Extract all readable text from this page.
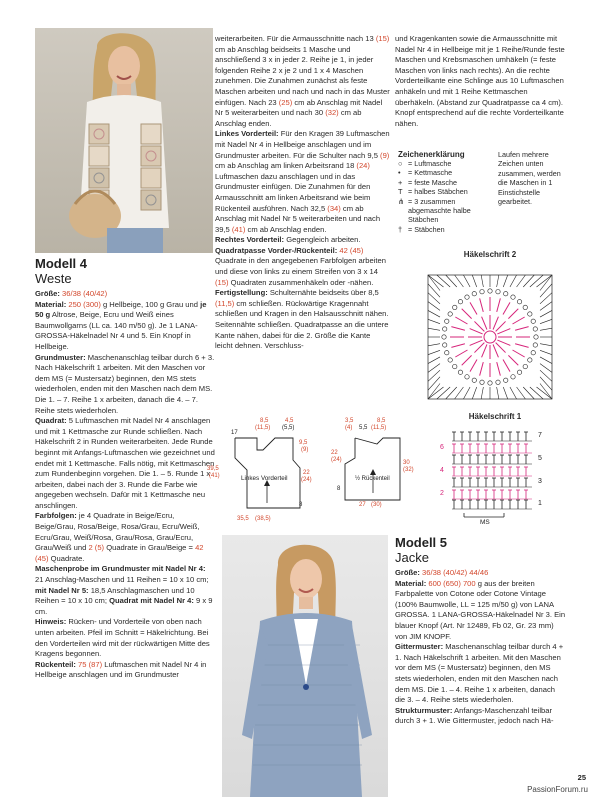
Modell 4
Weste

Größe: 36/38 (40/42)

Material: 250 (300) g Hellbeige, 100 g Grau und je 50 g Altrose, Beige, Ecru und Weiß eines Baumwollgarns (LL ca. 140 m/50 g). Je 1 LANA-GROSSA-Häkelnadel Nr 4 und 5. Ein Knopf in Hellbeige.

Grundmuster: Maschenanschlag teilbar durch 6 + 3. Nach Häkelschrift 1 arbeiten. Mit den Maschen vor dem MS (= Mustersatz) beginnen, den MS stets wiederholen, enden mit den Maschen nach dem MS. Die 1. – 7. Reihe 1 x arbeiten, danach die 4. – 7. Reihe stets wiederholen.

Quadrat: 5 Luftmaschen mit Nadel Nr 4 anschlagen und mit 1 Kettmasche zur Runde schließen. Nach Häkelschrift 2 in Runden weiterarbeiten. Jede Runde beginnt mit Anfangs-Luftmaschen wie gezeichnet und endet mit 1 Kettmasche. Falls nötig, mit Kettmaschen zum Rundenbeginn vorgehen. Die 1. – 5. Runde 1 x arbeiten, dabei nach der 3. Runde die Farbe wie angegeben wechseln. Dafür mit 1 Kettmasche neu anschlingen.

Farbfolgen: je 4 Quadrate in Beige/Ecru, Beige/Grau, Rosa/Beige, Rosa/Grau, Ecru/Weiß, Ecru/Grau, Weiß/Rosa, Grau/Rosa, Grau/Ecru, Grau/Weiß und 2 (5) Quadrate in Grau/Beige = 42 (45) Quadrate.

Maschenprobe im Grundmuster mit Nadel Nr 4: 21 Anschlag-Maschen und 11 Reihen = 10 x 10 cm; mit Nadel Nr 5: 18,5 Anschlagmaschen und 10 Reihen = 10 x 10 cm; Quadrat mit Nadel Nr 4: 9 x 9 cm.

Hinweis: Rücken- und Vorderteile von oben nach unten arbeiten. Pfeil im Schnitt = Häkelrichtung. Bei den Vorderteilen wird mit der rückwärtigen Mitte des Kragens begonnen.

Rückenteil: 75 (87) Luftmaschen mit Nadel Nr 4 in Hellbeige anschlagen und im Grundmuster

weiterarbeiten. Für die Armausschnitte nach 13 (15) cm ab Anschlag beidseits 1 Masche und anschließend 3 x in jeder 2. Reihe je 1, in jeder folgenden Reihe 2 x je 2 und 1 x 4 Maschen zunehmen. Die Zunahmen zunächst als feste Maschen arbeiten und nach und nach in das Muster einfügen. Nach 23 (25) cm ab Anschlag mit Nadel Nr 5 weiterarbeiten und nach 30 (32) cm ab Anschlag enden.

Linkes Vorderteil: Für den Kragen 39 Luftmaschen mit Nadel Nr 4 in Hellbeige anschlagen und im Grundmuster arbeiten. Für die Schulter nach 9,5 (9) cm ab Anschlag am linken Arbeitsrand 18 (24) Luftmaschen dazu anschlagen und in das Grundmuster einfügen. Die Zunahmen für den Armausschnitt am linken Arbeitsrand wie beim Rückenteil ausführen. Nach 32,5 (34) cm ab Anschlag mit Nadel Nr 5 weiterarbeiten und nach 39,5 (41) cm ab Anschlag enden.

Rechtes Vorderteil: Gegengleich arbeiten.

Quadratpasse Vorder-/Rückenteil: 42 (45) Quadrate in den angegebenen Farbfolgen arbeiten und diese von links zu einem Streifen von 3 x 14 (15) Quadraten zusammenhäkeln oder -nähen.

Fertigstellung: Schulternähte beidseits über 8,5 (11,5) cm schließen. Rückwärtige Kragennaht schließen und Kragen in den Halsausschnitt nähen. Seitennähte schließen. Quadratpasse an die untere Kante nähen, dabei für die 2. Größe die Kante leicht dehnen. Verschluss-

und Kragenkanten sowie die Armausschnitte mit Nadel Nr 4 in Hellbeige mit je 1 Reihe/Runde feste Maschen und Krebsmaschen umhäkeln (= feste Maschen von links nach rechts). An die rechte Vorderteilkante eine Schlinge aus 10 Luftmaschen anhäkeln und mit 1 Reihe Kettmaschen überhäkeln. (Abstand zur Quadratpasse ca 4 cm). Knopf entsprechend auf die rechte Vorderteilkante nähen.

Zeichenerklärung
○ = Luftmasche
•	= Kettmasche
+ = feste Masche
T = halbes Stäbchen
⋔ = 3 zusammen abgemaschte halbe Stäbchen
† = Stäbchen
Laufen mehrere Zeichen unten zusammen, werden die Maschen in 1 Einstichstelle gearbeitet.
Häkelschrift 2
Häkelschrift 1
6
4
2
7
5
3
1
MS
8,5
(11,5)
4,5
(5,5)
17
9,5
(9)
22
(24)
39,5
(41)	Linkes Vorderteil
8
35,5 (38,5)
3,5
(4) 5,5 (11,5)
8,5
22
(24)	30
(32)
8
½ Rückenteil
27 (30)
Modell 5
Jacke

Größe: 36/38 (40/42) 44/46

Material: 600 (650) 700 g aus der breiten Farbpalette von Cotone oder Cotone Vintage (100% Baumwolle, LL = 125 m/50 g) von LANA GROSSA. 1 LANA-GROSSA-Häkelnadel Nr 3. Ein blauer Knopf (Art. Nr 12489, Fb 02, Gr. 23 mm) von JIM KNOPF.

Gittermuster: Maschenanschlag teilbar durch 4 + 1. Nach Häkelschrift 1 arbeiten. Mit den Maschen vor dem MS (= Mustersatz) beginnen, den MS stets wiederholen, enden mit den Maschen nach dem MS. Die 1. – 4. Reihe 1 x arbeiten, danach die 3. – 4. Reihe stets wiederholen.

Strukturmuster: Anfangs-Maschenzahl teilbar durch 3 + 1. Wie Gittermuster, jedoch nach Hä-

25
PassionForum.ru
